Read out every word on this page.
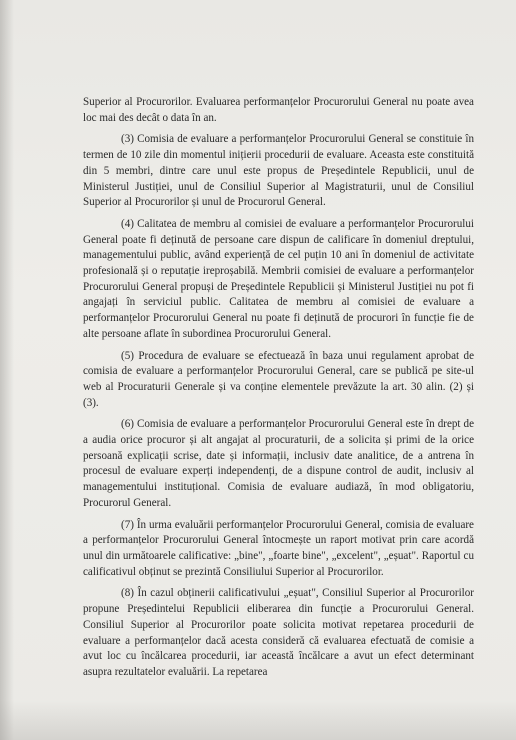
Superior al Procurorilor. Evaluarea performanțelor Procurorului General nu poate avea loc mai des decât o data în an.

(3) Comisia de evaluare a performanțelor Procurorului General se constituie în termen de 10 zile din momentul inițierii procedurii de evaluare. Aceasta este constituită din 5 membri, dintre care unul este propus de Președintele Republicii, unul de Ministerul Justiției, unul de Consiliul Superior al Magistraturii, unul de Consiliul Superior al Procurorilor și unul de Procurorul General.

(4) Calitatea de membru al comisiei de evaluare a performanțelor Procurorului General poate fi deținută de persoane care dispun de calificare în domeniul dreptului, managementului public, având experiență de cel puțin 10 ani în domeniul de activitate profesională și o reputație ireproșabilă. Membrii comisiei de evaluare a performanțelor Procurorului General propuși de Președintele Republicii și Ministerul Justiției nu pot fi angajați în serviciul public. Calitatea de membru al comisiei de evaluare a performanțelor Procurorului General nu poate fi deținută de procurori în funcție fie de alte persoane aflate în subordinea Procurorului General.

(5) Procedura de evaluare se efectuează în baza unui regulament aprobat de comisia de evaluare a performanțelor Procurorului General, care se publică pe site-ul web al Procuraturii Generale și va conține elementele prevăzute la art. 30 alin. (2) și (3).

(6) Comisia de evaluare a performanțelor Procurorului General este în drept de a audia orice procuror și alt angajat al procuraturii, de a solicita și primi de la orice persoană explicații scrise, date și informații, inclusiv date analitice, de a antrena în procesul de evaluare experți independenți, de a dispune control de audit, inclusiv al managementului instituțional. Comisia de evaluare audiază, în mod obligatoriu, Procurorul General.

(7) În urma evaluării performanțelor Procurorului General, comisia de evaluare a performanțelor Procurorului General întocmește un raport motivat prin care acordă unul din următoarele calificative: „bine", „foarte bine", „excelent", „eșuat". Raportul cu calificativul obținut se prezintă Consiliului Superior al Procurorilor.

(8) În cazul obținerii calificativului „eșuat", Consiliul Superior al Procurorilor propune Președintelui Republicii eliberarea din funcție a Procurorului General. Consiliul Superior al Procurorilor poate solicita motivat repetarea procedurii de evaluare a performanțelor dacă acesta consideră că evaluarea efectuată de comisie a avut loc cu încălcarea procedurii, iar această încălcare a avut un efect determinant asupra rezultatelor evaluării. La repetarea
